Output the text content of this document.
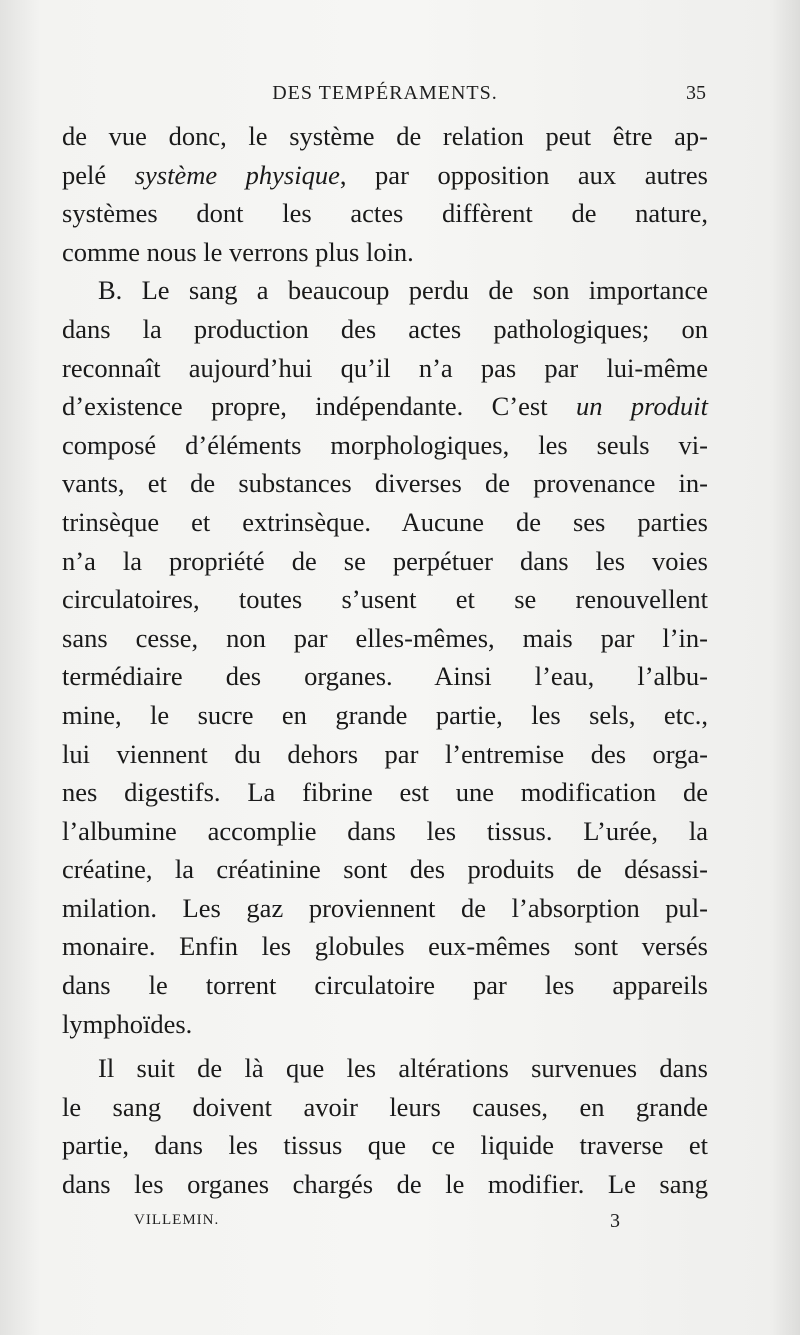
DES TEMPÉRAMENTS.	35
de vue donc, le système de relation peut être ap-
pelé système physique, par opposition aux autres
systèmes dont les actes diffèrent de nature,
comme nous le verrons plus loin.
B. Le sang a beaucoup perdu de son importance
dans la production des actes pathologiques; on
reconnaît aujourd’hui qu’il n’a pas par lui-même
d’existence propre, indépendante. C’est un produit
composé d’éléments morphologiques, les seuls vi-
vants, et de substances diverses de provenance in-
trinsèque et extrinsèque. Aucune de ses parties
n’a la propriété de se perpétuer dans les voies
circulatoires, toutes s’usent et se renouvellent
sans cesse, non par elles-mêmes, mais par l’in-
termédiaire des organes. Ainsi l’eau, l’albu-
mine, le sucre en grande partie, les sels, etc.,
lui viennent du dehors par l’entremise des orga-
nes digestifs. La fibrine est une modification de
l’albumine accomplie dans les tissus. L’urée, la
créatine, la créatinine sont des produits de désassi-
milation. Les gaz proviennent de l’absorption pul-
monaire. Enfin les globules eux-mêmes sont versés
dans le torrent circulatoire par les appareils
lymphoïdes.
Il suit de là que les altérations survenues dans
le sang doivent avoir leurs causes, en grande
partie, dans les tissus que ce liquide traverse et
dans les organes chargés de le modifier. Le sang
VILLEMIN.	3
